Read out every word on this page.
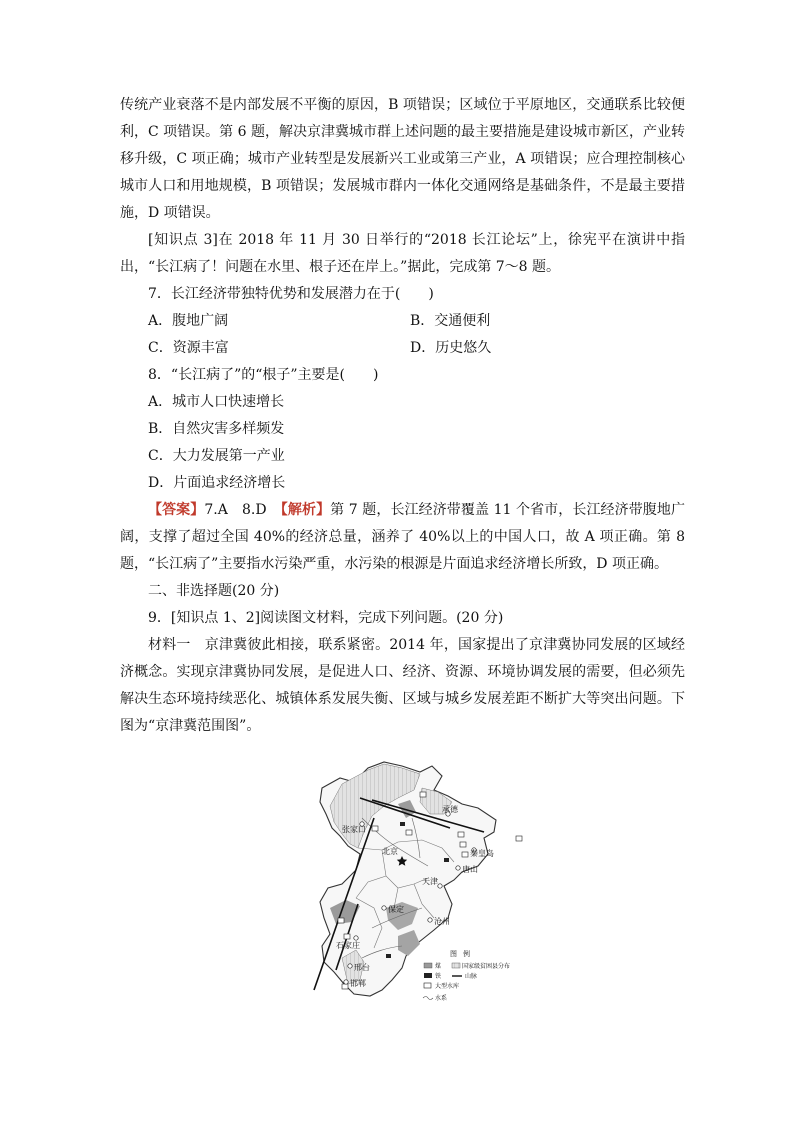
传统产业衰落不是内部发展不平衡的原因，B 项错误；区域位于平原地区，交通联系比较便利，C 项错误。第 6 题，解决京津冀城市群上述问题的最主要措施是建设城市新区，产业转移升级，C 项正确；城市产业转型是发展新兴工业或第三产业，A 项错误；应合理控制核心城市人口和用地规模，B 项错误；发展城市群内一体化交通网络是基础条件，不是最主要措施，D 项错误。

[知识点 3]在 2018 年 11 月 30 日举行的“2018 长江论坛”上，徐宪平在演讲中指出，“长江病了！问题在水里、根子还在岸上。”据此，完成第 7～8 题。

7．长江经济带独特优势和发展潜力在于(　　)

A．腹地广阔	B．交通便利
C．资源丰富	D．历史悠久

8．“长江病了”的“根子”主要是(　　)

A．城市人口快速增长

B．自然灾害多样频发

C．大力发展第一产业

D．片面追求经济增长

【答案】7.A　8.D　【解析】第 7 题，长江经济带覆盖 11 个省市，长江经济带腹地广阔，支撑了超过全国 40%的经济总量，涵养了 40%以上的中国人口，故 A 项正确。第 8 题，“长江病了”主要指水污染严重，水污染的根源是片面追求经济增长所致，D 项正确。

二、非选择题(20 分)

9．[知识点 1、2]阅读图文材料，完成下列问题。(20 分)

材料一　京津冀彼此相接，联系紧密。2014 年，国家提出了京津冀协同发展的区域经济概念。实现京津冀协同发展，是促进人口、经济、资源、环境协调发展的需要，但必须先解决生态环境持续恶化、城镇体系发展失衡、区域与城乡发展差距不断扩大等突出问题。下图为“京津冀范围图”。

张家口
承德
秦皇岛
唐山
北京
天津
保定
沧州
石家庄
邢台
邯郸
图例
煤	国家级贫困县分布
铁	山脉
大型水库
水系
